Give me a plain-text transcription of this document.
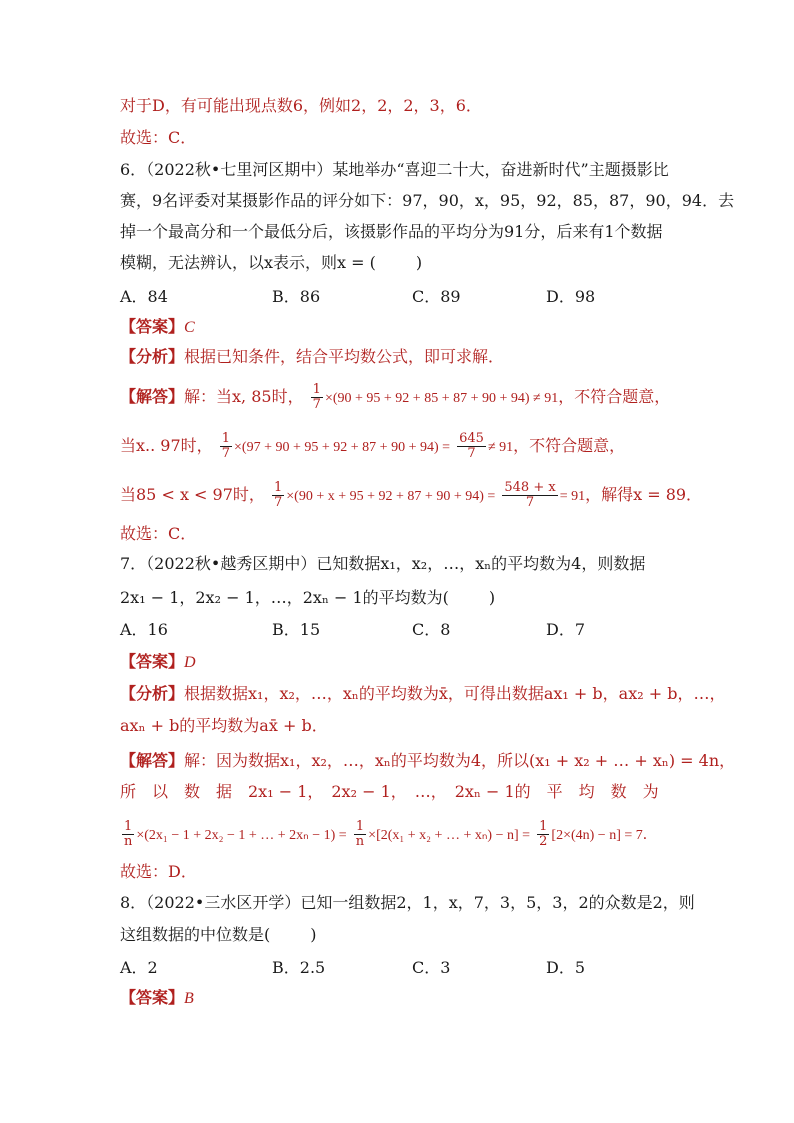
对于D，有可能出现点数6，例如2，2，2，3，6．

故选：C．

6．（2022秋•七里河区期中）某地举办“喜迎二十大，奋进新时代”主题摄影比

赛，9名评委对某摄影作品的评分如下：97，90，x，95，92，85，87，90，94．去

掉一个最高分和一个最低分后，该摄影作品的平均分为91分，后来有1个数据

模糊，无法辨认，以x表示，则x = (	)

A．84	B．86	C．89	D．98

【答案】C

【分析】根据已知条件，结合平均数公式，即可求解．

【解答】解：当x, 85时， $\frac{1}{7} \times(90 + 95 + 92 + 85 + 87 + 90 + 94) \ne 91$，不符合题意，

当x.. 97时， $\frac{1}{7} \times(97 + 90 + 95 + 92 + 87 + 90 + 94) = \frac{645}{7} \ne 91$，不符合题意，

当85 < x < 97时， $\frac{1}{7} \times(90 + x + 95 + 92 + 87 + 90 + 94) = \frac{548 + x}{7} = 91$，解得x = 89．

故选：C．

7．（2022秋•越秀区期中）已知数据x₁，x₂，…，xₙ的平均数为4，则数据

2x₁ − 1，2x₂ − 1，…，2xₙ − 1的平均数为(	)

A．16	B．15	C．8	D．7

【答案】D

【分析】根据数据x₁，x₂，…，xₙ的平均数为x̄，可得出数据ax₁ + b，ax₂ + b，…，

axₙ + b的平均数为ax̄ + b．

【解答】解：因为数据x₁，x₂，…，xₙ的平均数为4，所以(x₁ + x₂ + … + xₙ) = 4n，

所　以　数　据　2x₁ − 1，　2x₂ − 1，　…，　2xₙ − 1的　平　均　数　为

$\frac{1}{n} \times(2x_1 - 1 + 2x_2 - 1$ + … + $2x_n - 1) = \frac{1}{n} \times[2(x_1 + x_2$ + … + $x_n) - n] = \frac{1}{2} [2\times(4n) - n] = 7$．

故选：D．

8．（2022•三水区开学）已知一组数据2，1，x，7，3，5，3，2的众数是2，则

这组数据的中位数是(	)

A．2	B．2.5	C．3	D．5

【答案】B
